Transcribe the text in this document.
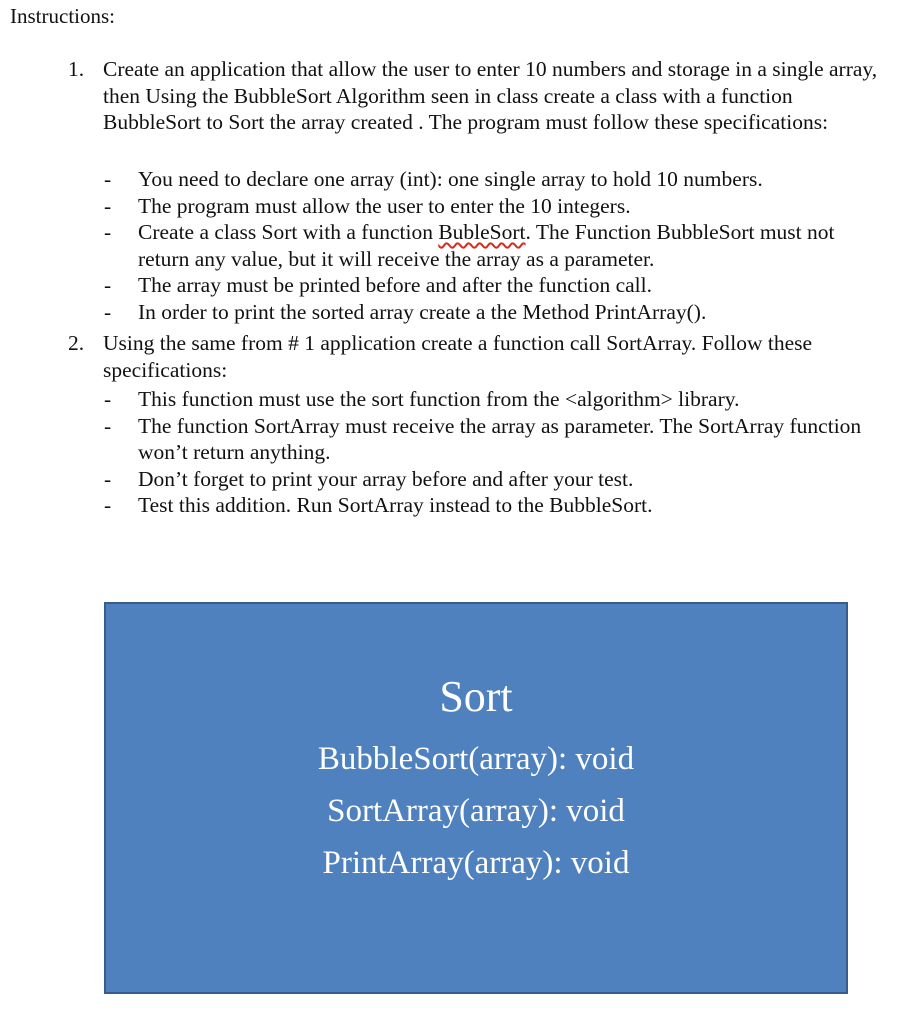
Instructions:
1. Create an application that allow the user to enter 10 numbers and storage in a single array, then Using the BubbleSort Algorithm seen in class create a class with a function BubbleSort to Sort the array created . The program must follow these specifications:
- You need to declare one array (int): one single array to hold 10 numbers.
- The program must allow the user to enter the 10 integers.
- Create a class Sort with a function BubleSort. The Function BubbleSort must not return any value, but it will receive the array as a parameter.
- The array must be printed before and after the function call.
- In order to print the sorted array create a the Method PrintArray().
2. Using the same from # 1 application create a function call SortArray. Follow these specifications:
- This function must use the sort function from the <algorithm> library.
- The function SortArray must receive the array as parameter. The SortArray function won’t return anything.
- Don’t forget to print your array before and after your test.
- Test this addition. Run SortArray instead to the BubbleSort.
Sort
BubbleSort(array): void
SortArray(array): void
PrintArray(array): void
